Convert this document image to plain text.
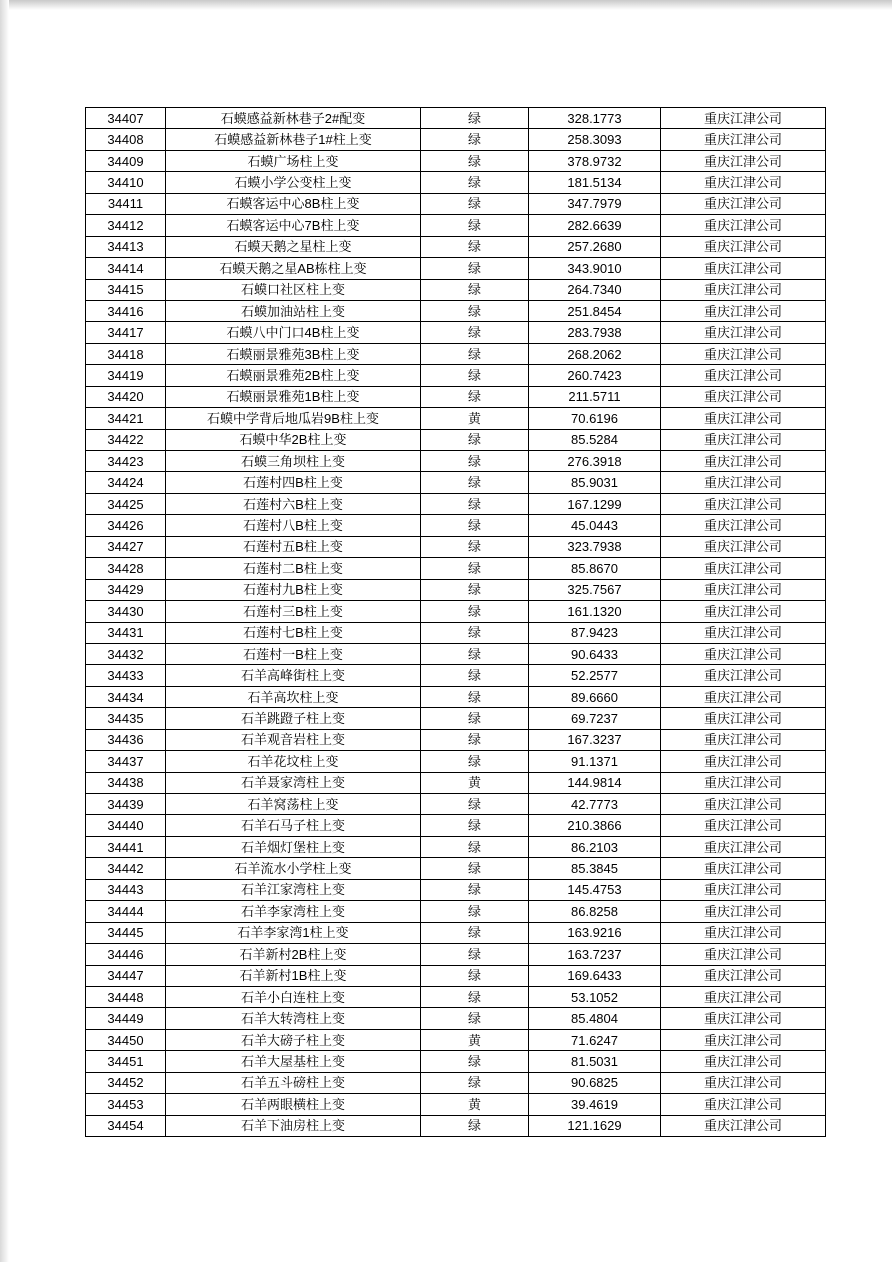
34407	石蟆感益新林巷子2#配变	绿	328.1773	重庆江津公司
34408	石蟆感益新林巷子1#柱上变	绿	258.3093	重庆江津公司
34409	石蟆广场柱上变	绿	378.9732	重庆江津公司
34410	石蟆小学公变柱上变	绿	181.5134	重庆江津公司
34411	石蟆客运中心8B柱上变	绿	347.7979	重庆江津公司
34412	石蟆客运中心7B柱上变	绿	282.6639	重庆江津公司
34413	石蟆天鹅之星柱上变	绿	257.2680	重庆江津公司
34414	石蟆天鹅之星AB栋柱上变	绿	343.9010	重庆江津公司
34415	石蟆口社区柱上变	绿	264.7340	重庆江津公司
34416	石蟆加油站柱上变	绿	251.8454	重庆江津公司
34417	石蟆八中门口4B柱上变	绿	283.7938	重庆江津公司
34418	石蟆丽景雅苑3B柱上变	绿	268.2062	重庆江津公司
34419	石蟆丽景雅苑2B柱上变	绿	260.7423	重庆江津公司
34420	石蟆丽景雅苑1B柱上变	绿	211.5711	重庆江津公司
34421	石蟆中学背后地瓜岩9B柱上变	黄	70.6196	重庆江津公司
34422	石蟆中华2B柱上变	绿	85.5284	重庆江津公司
34423	石蟆三角坝柱上变	绿	276.3918	重庆江津公司
34424	石莲村四B柱上变	绿	85.9031	重庆江津公司
34425	石莲村六B柱上变	绿	167.1299	重庆江津公司
34426	石莲村八B柱上变	绿	45.0443	重庆江津公司
34427	石莲村五B柱上变	绿	323.7938	重庆江津公司
34428	石莲村二B柱上变	绿	85.8670	重庆江津公司
34429	石莲村九B柱上变	绿	325.7567	重庆江津公司
34430	石莲村三B柱上变	绿	161.1320	重庆江津公司
34431	石莲村七B柱上变	绿	87.9423	重庆江津公司
34432	石莲村一B柱上变	绿	90.6433	重庆江津公司
34433	石羊高峰街柱上变	绿	52.2577	重庆江津公司
34434	石羊高坎柱上变	绿	89.6660	重庆江津公司
34435	石羊跳蹬子柱上变	绿	69.7237	重庆江津公司
34436	石羊观音岩柱上变	绿	167.3237	重庆江津公司
34437	石羊花坟柱上变	绿	91.1371	重庆江津公司
34438	石羊聂家湾柱上变	黄	144.9814	重庆江津公司
34439	石羊窝荡柱上变	绿	42.7773	重庆江津公司
34440	石羊石马子柱上变	绿	210.3866	重庆江津公司
34441	石羊烟灯堡柱上变	绿	86.2103	重庆江津公司
34442	石羊流水小学柱上变	绿	85.3845	重庆江津公司
34443	石羊江家湾柱上变	绿	145.4753	重庆江津公司
34444	石羊李家湾柱上变	绿	86.8258	重庆江津公司
34445	石羊李家湾1柱上变	绿	163.9216	重庆江津公司
34446	石羊新村2B柱上变	绿	163.7237	重庆江津公司
34447	石羊新村1B柱上变	绿	169.6433	重庆江津公司
34448	石羊小白连柱上变	绿	53.1052	重庆江津公司
34449	石羊大转湾柱上变	绿	85.4804	重庆江津公司
34450	石羊大磅子柱上变	黄	71.6247	重庆江津公司
34451	石羊大屋基柱上变	绿	81.5031	重庆江津公司
34452	石羊五斗磅柱上变	绿	90.6825	重庆江津公司
34453	石羊两眼横柱上变	黄	39.4619	重庆江津公司
34454	石羊下油房柱上变	绿	121.1629	重庆江津公司
